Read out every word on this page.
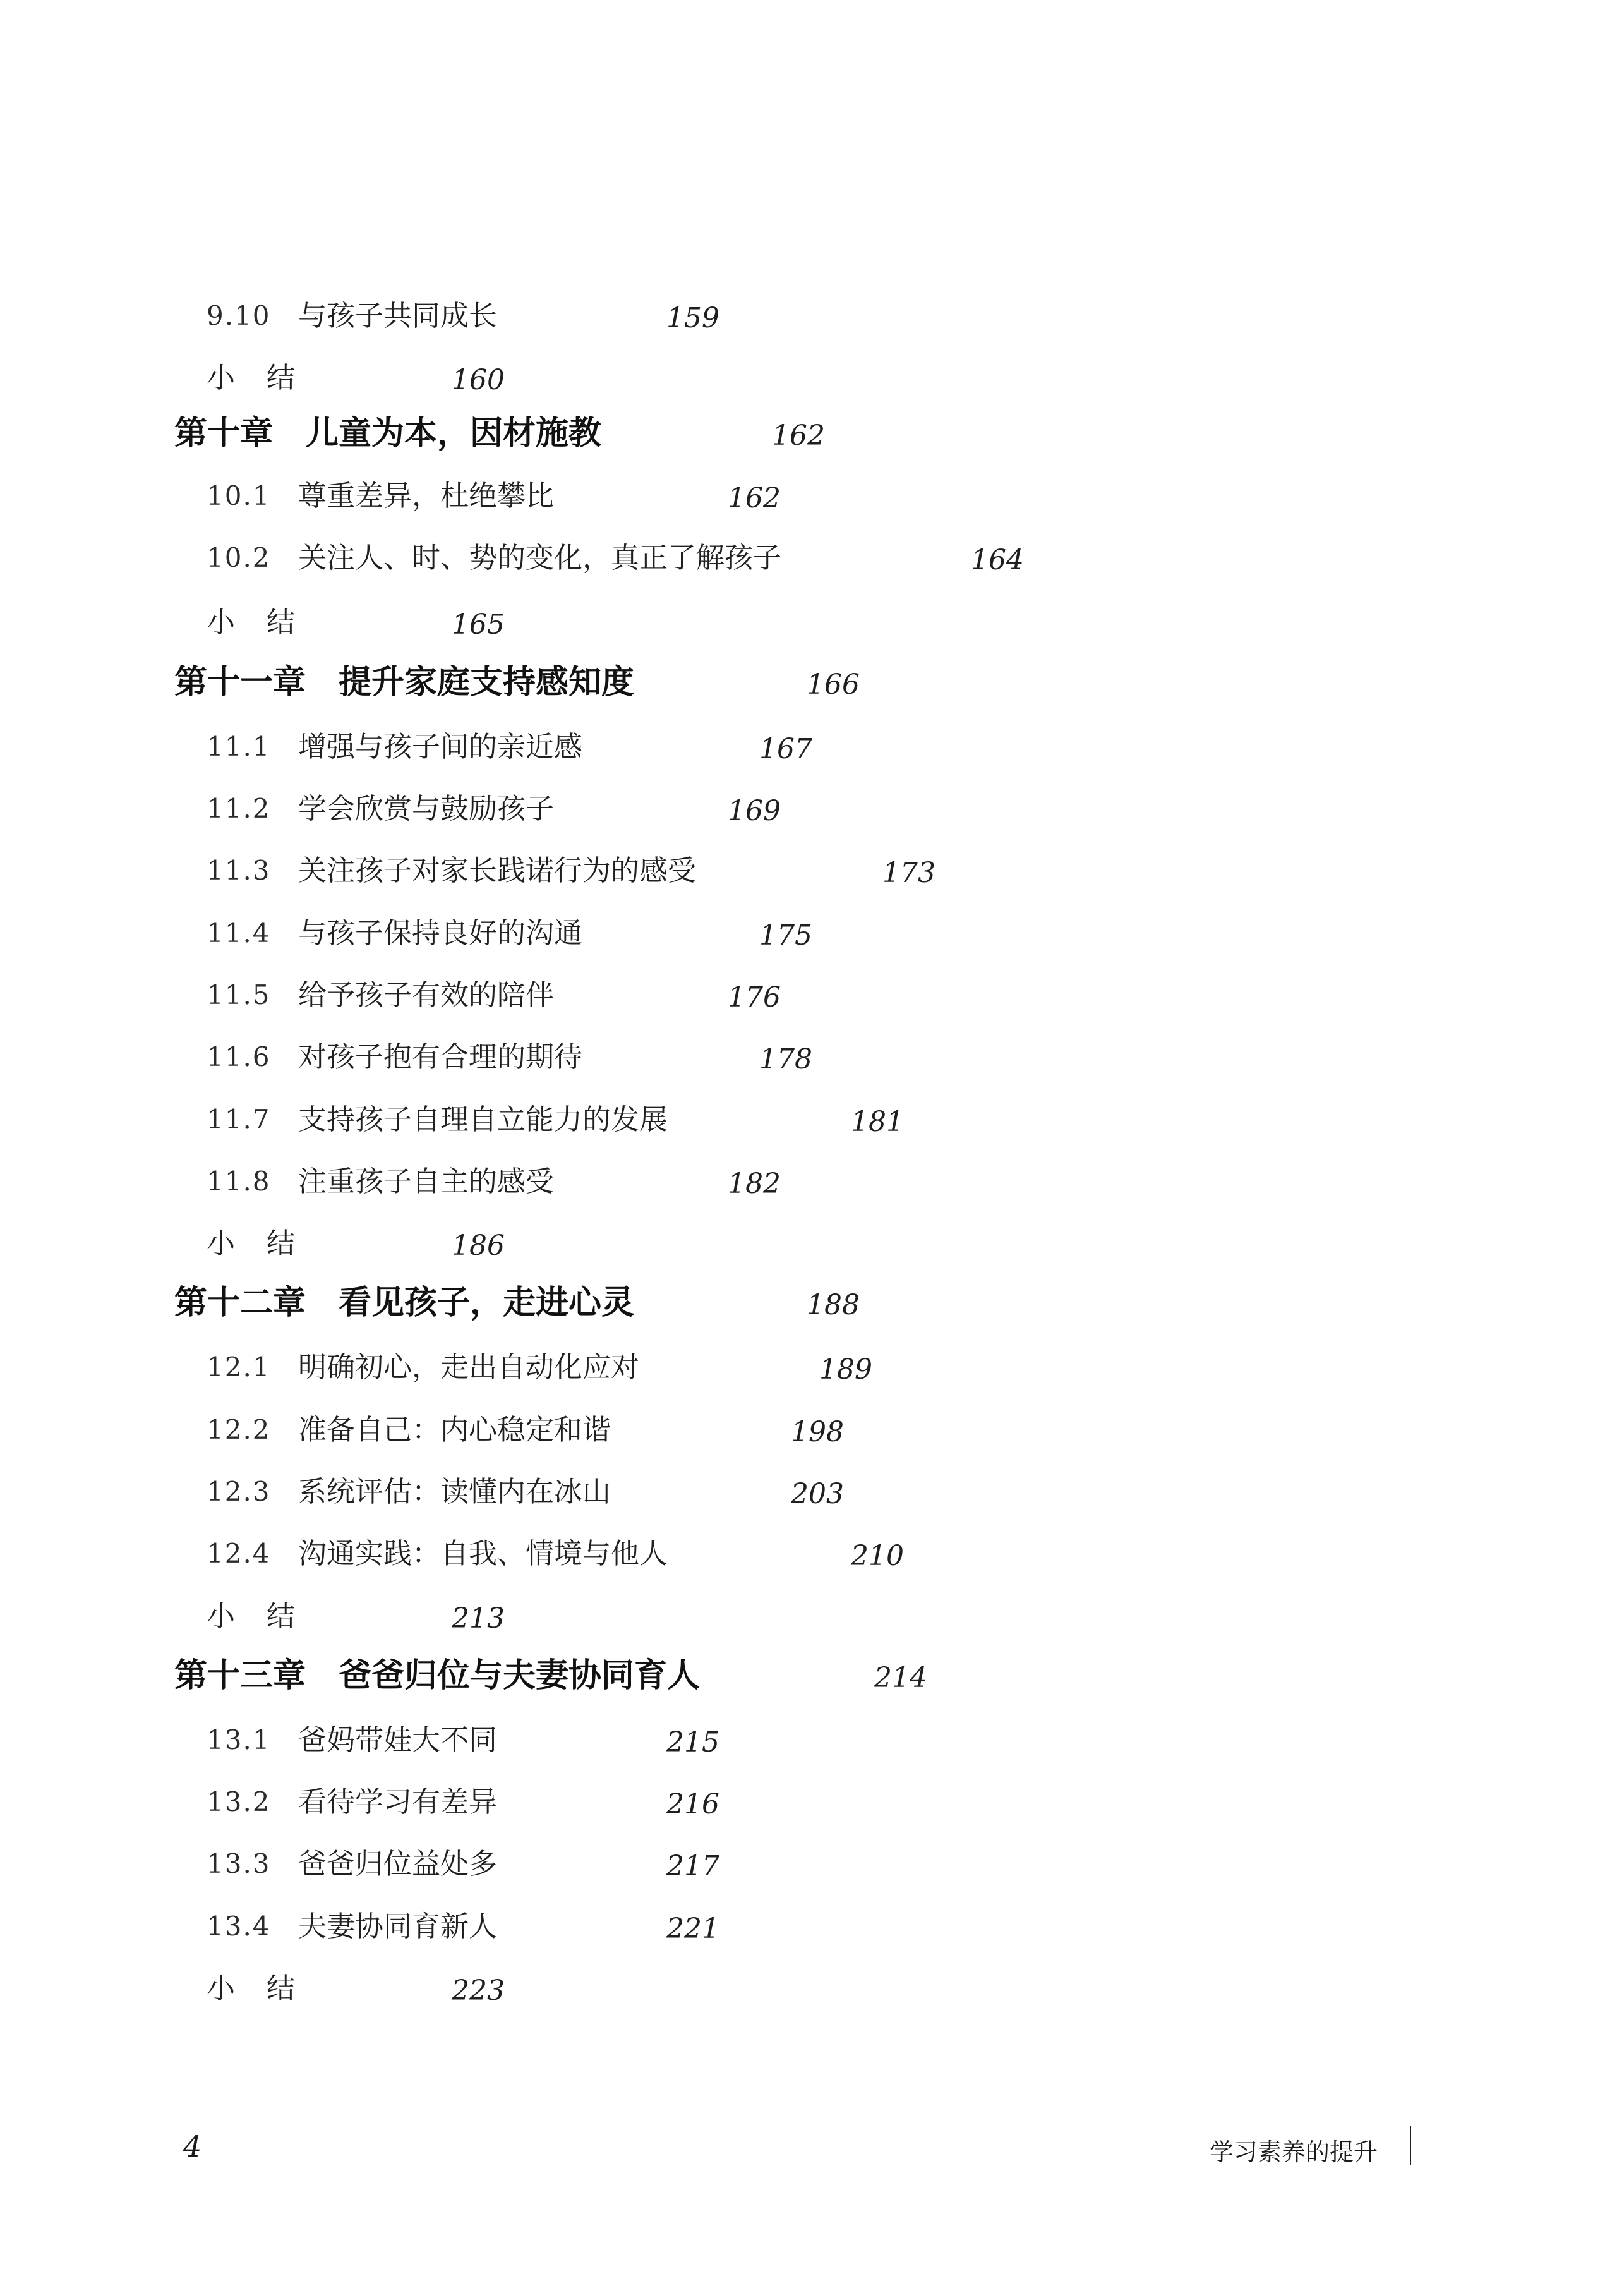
9.10 与孩子共同成长	159
小结	160
第十章　儿童为本，因材施教	162
10.1 尊重差异，杜绝攀比	162
10.2 关注人、时、势的变化，真正了解孩子	164
小结	165
第十一章　提升家庭支持感知度	166
11.1 增强与孩子间的亲近感	167
11.2 学会欣赏与鼓励孩子	169
11.3 关注孩子对家长践诺行为的感受	173
11.4 与孩子保持良好的沟通	175
11.5 给予孩子有效的陪伴	176
11.6 对孩子抱有合理的期待	178
11.7 支持孩子自理自立能力的发展	181
11.8 注重孩子自主的感受	182
小结	186
第十二章　看见孩子，走进心灵	188
12.1 明确初心，走出自动化应对	189
12.2 准备自己：内心稳定和谐	198
12.3 系统评估：读懂内在冰山	203
12.4 沟通实践：自我、情境与他人	210
小结	213
第十三章　爸爸归位与夫妻协同育人	214
13.1 爸妈带娃大不同	215
13.2 看待学习有差异	216
13.3 爸爸归位益处多	217
13.4 夫妻协同育新人	221
小结	223
4	学习素养的提升
